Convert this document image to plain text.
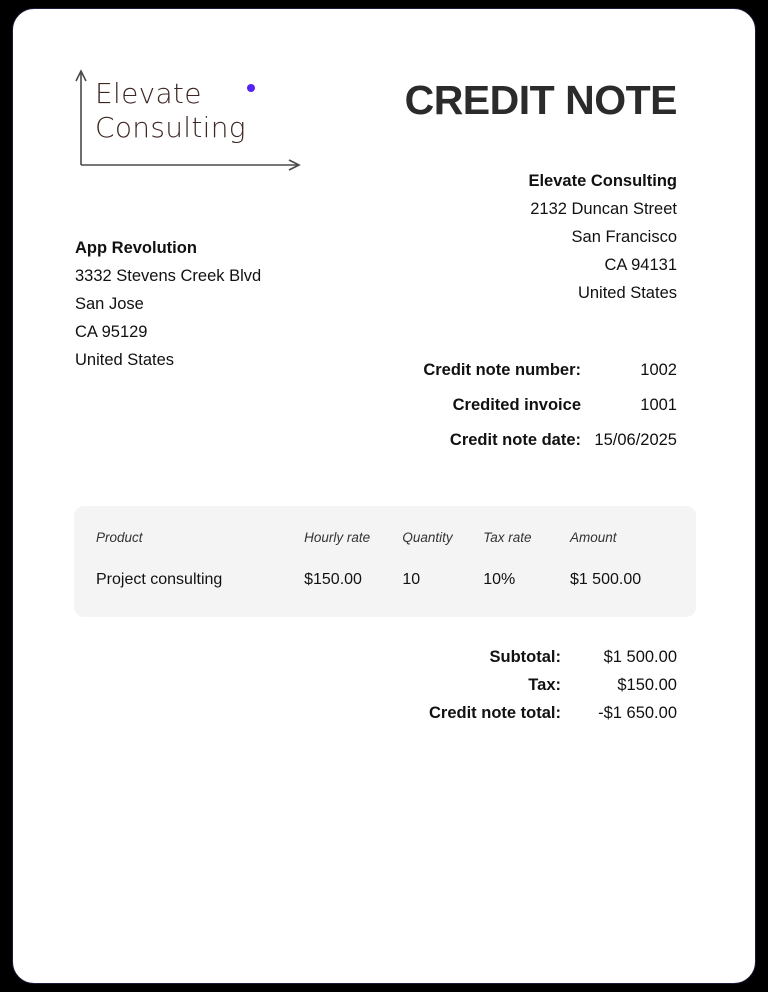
Elevate
Consulting
CREDIT NOTE
Elevate Consulting
2132 Duncan Street
San Francisco
CA 94131
United States
App Revolution
3332 Stevens Creek Blvd
San Jose
CA 95129
United States
Credit note number:	1002
Credited invoice	1001
Credit note date: 15/06/2025
Product	Hourly rate	Quantity	Tax rate	Amount
Project consulting	$150.00	10	10%	$1 500.00
Subtotal:	$1 500.00
Tax:	$150.00
Credit note total:	-$1 650.00
